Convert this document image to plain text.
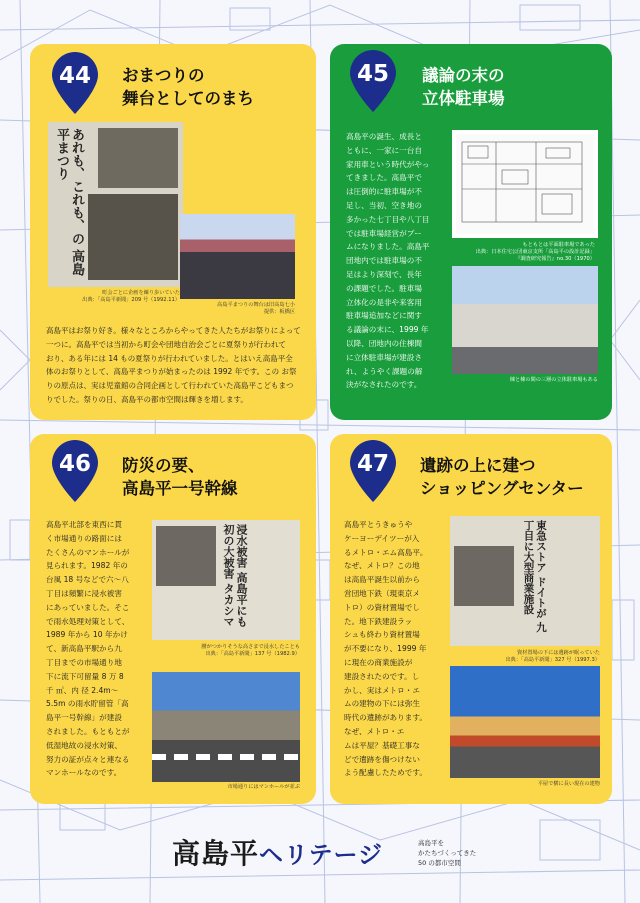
44	おまつりの
舞台としてのまち
あれも、これも、の 高島平まつり
町会ごとに企画を練り歩いていた
出典：「高島平新聞」209 号（1992.11）
高島平まつりの舞台は旧高島七小
提供：板橋区
高島平はお祭り好き。様々なところからやってきた人たちがお祭りによって
一つに。高島平では当初から町会や団地自治会ごとに夏祭りが行われて
おり、ある年には 14 もの夏祭りが行われていました。とはいえ高島平全
体のお祭りとして、高島平まつりが始まったのは 1992 年です。この お祭
りの原点は、実は児童館の合同企画として行われていた高島平こどもまつ
りでした。祭りの日、高島平の都市空間は輝きを増します。
45	議論の末の
立体駐車場
高島平の誕生、成長と
ともに、一家に一台自
家用車という時代がやっ
てきました。高島平で
は圧倒的に駐車場が不
足し、当初、空き地の
多かった七丁目や八丁目
では駐車場経営がブー
ムになりました。高島平
団地内では駐車場の不
足はより深刻で、長年
の課題でした。駐車場
立体化の是非や来客用
駐車場追加などに関す
る議論の末に、1999 年
以降、団地内の住棟間
に立体駐車場が建設さ
れ、ようやく課題の解
決がなされたのです。
もともとは平面駐車場であった
出典：日本住宅公団東京支所「高島平の設計記録」
『調査研究報告』no.30（1970）
棟と棟の間の三層の立体駐車場もある
46	防災の要、
高島平一号幹線
高島平北部を東西に貫
く市場通りの路面には
たくさんのマンホールが
見られます。1982 年の
台風 18 号などで六～八
丁目は頻繁に浸水被害
にあっていました。そこ
で雨水処理対策として、
1989 年から 10 年かけ
て、新高島平駅から九
丁目までの市場通り地
下に流下可留量 8 万 8
千 ㎥、内 径 2.4m～
5.5m の雨水貯留管「高
島平一号幹線」が建設
されました。もともとが
低湿地故の浸水対策、
努力の証が点々と連なる
マンホールなのです。
浸水被害 高島平にも 初の大被害 タカシマ
腰がつかりそうな高さまで浸水したことも
出典：「高島平新聞」137 号（1982.9）
市場通りにはマンホールが並ぶ
47	遺跡の上に建つ
ショッピングセンター
高島平とうきゅうや
ケーヨーデイツーが入
るメトロ・エム高島平。
なぜ、メトロ？この地
は高島平誕生以前から
営団地下鉄（現東京メ
トロ）の資材置場でし
た。地下鉄建設ラッ
シュも終わり資材置場
が不要になり、1999 年
に現在の商業施設が
建設されたのです。し
かし、実はメトロ・エ
ムの建物の下には弥生
時代の遺跡があります。
なぜ、メトロ・エ
ムは平屋？基礎工事な
どで遺跡を傷つけない
よう配慮したためです。
東急ストア ドイトが 九丁目に大型商業施設
資材置場の下には遺跡が眠っていた
出典：「高島平新聞」327 号（1997.3）
平屋で横に長い現在の建物
高島平ヘリテージ	高島平を
かたちづくってきた
50 の都市空間
